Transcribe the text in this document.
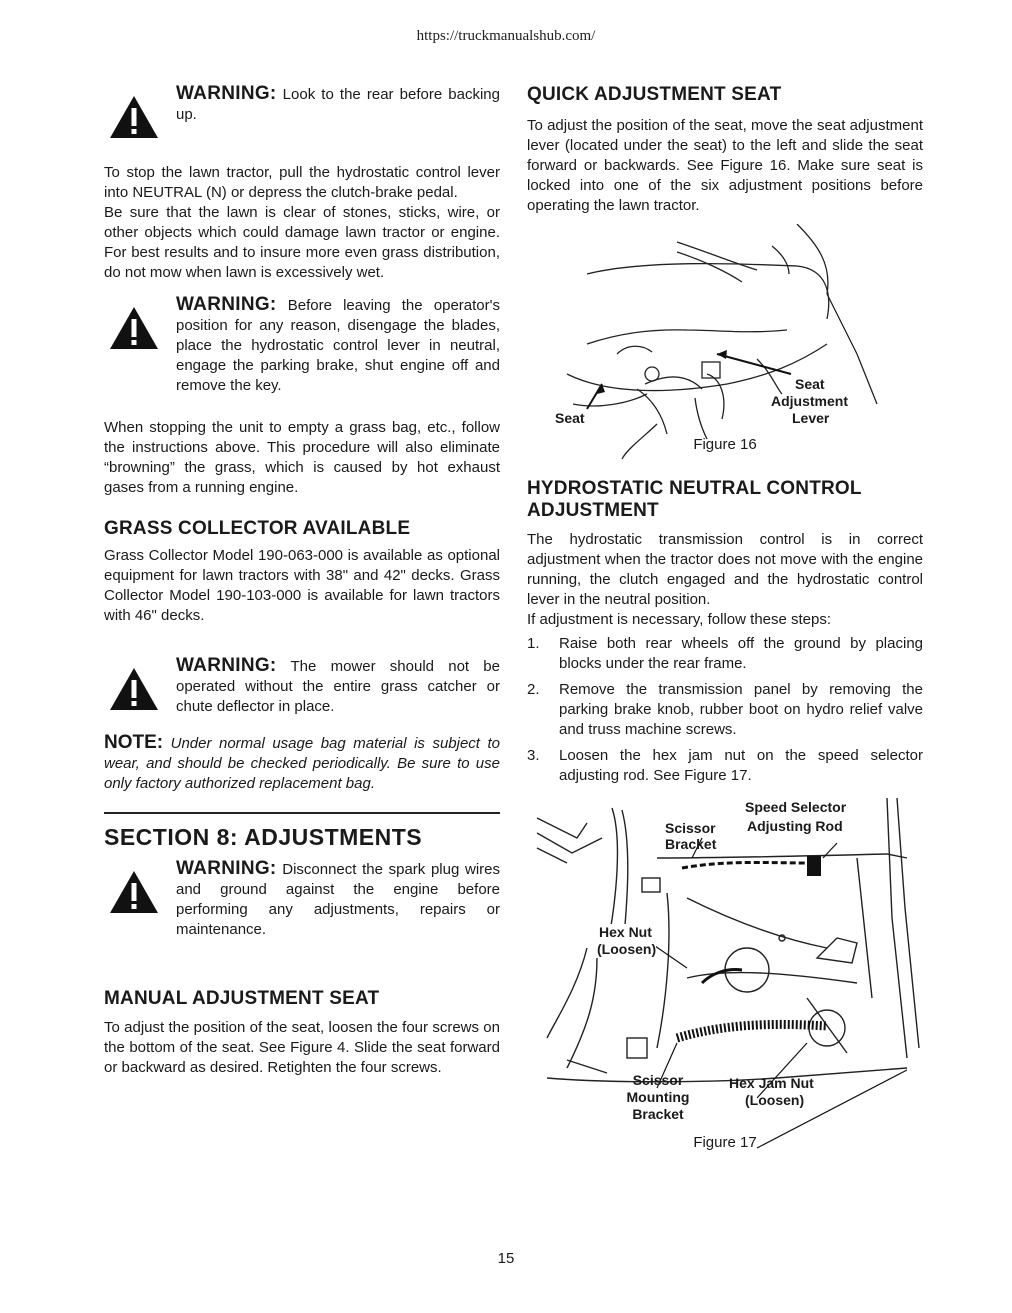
https://truckmanualshub.com/
WARNING: Look to the rear before backing up.

To stop the lawn tractor, pull the hydrostatic control lever into NEUTRAL (N) or depress the clutch-brake pedal.

Be sure that the lawn is clear of stones, sticks, wire, or other objects which could damage lawn tractor or engine. For best results and to insure more even grass distribution, do not mow when lawn is excessively wet.

WARNING: Before leaving the operator's position for any reason, disengage the blades, place the hydrostatic control lever in neutral, engage the parking brake, shut engine off and remove the key.

When stopping the unit to empty a grass bag, etc., follow the instructions above. This procedure will also eliminate “browning” the grass, which is caused by hot exhaust gases from a running engine.

GRASS COLLECTOR AVAILABLE

Grass Collector Model 190-063-000 is available as optional equipment for lawn tractors with 38" and 42" decks. Grass Collector Model 190-103-000 is available for lawn tractors with 46" decks.

WARNING: The mower should not be operated without the entire grass catcher or chute deflector in place.

NOTE: Under normal usage bag material is subject to wear, and should be checked periodically. Be sure to use only factory authorized replacement bag.

SECTION 8: ADJUSTMENTS
WARNING: Disconnect the spark plug wires and ground against the engine before performing any adjustments, repairs or maintenance.
MANUAL ADJUSTMENT SEAT

To adjust the position of the seat, loosen the four screws on the bottom of the seat. See Figure 4. Slide the seat forward or backward as desired. Retighten the four screws.

QUICK ADJUSTMENT SEAT

To adjust the position of the seat, move the seat adjustment lever (located under the seat) to the left and slide the seat forward or backwards. See Figure 16. Make sure seat is locked into one of the six adjustment positions before operating the lawn tractor.

Seat
Seat
Adjustment
Lever
Figure 16
HYDROSTATIC NEUTRAL CONTROL
ADJUSTMENT

The hydrostatic transmission control is in correct adjustment when the tractor does not move with the engine running, the clutch engaged and the hydrostatic control lever in the neutral position.

If adjustment is necessary, follow these steps:

1. Raise both rear wheels off the ground by placing blocks under the rear frame.
2. Remove the transmission panel by removing the parking brake knob, rubber boot on hydro relief valve and truss machine screws.
3. Loosen the hex jam nut on the speed selector adjusting rod. See Figure 17.
Speed Selector
Adjusting Rod
Scissor
Bracket
Hex Nut
(Loosen)
Scissor
Mounting
Bracket
Hex Jam Nut
(Loosen)
Figure 17
15
